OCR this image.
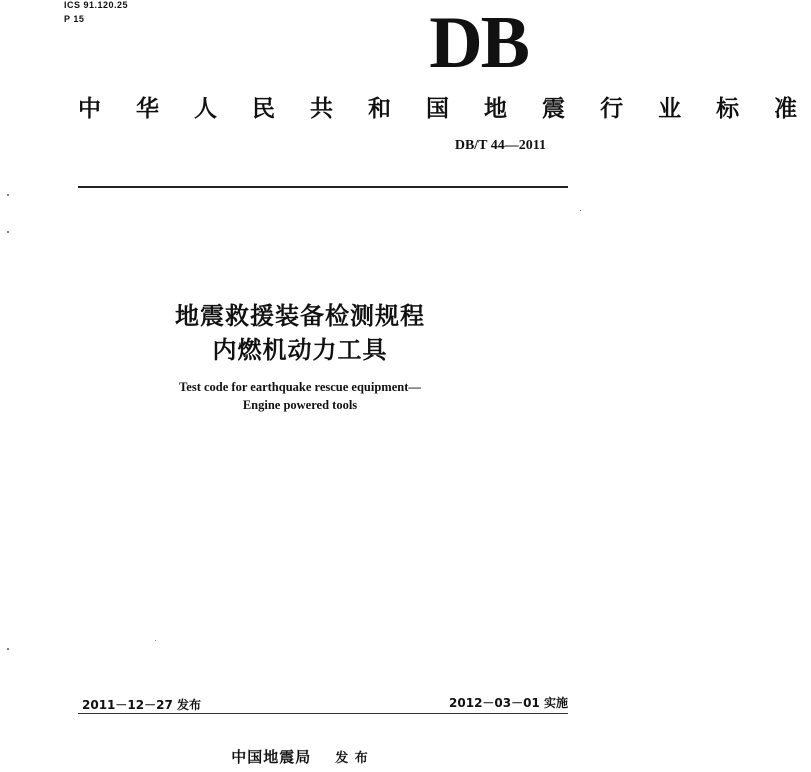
ICS 91.120.25
P 15	DB
中 华 人 民 共 和 国 地 震 行 业 标 准
DB/T 44—2011
地震救援装备检测规程
内燃机动力工具
Test code for earthquake rescue equipment—
Engine powered tools
2011－12－27 发布	2012－03－01 实施
中国地震局 发 布
